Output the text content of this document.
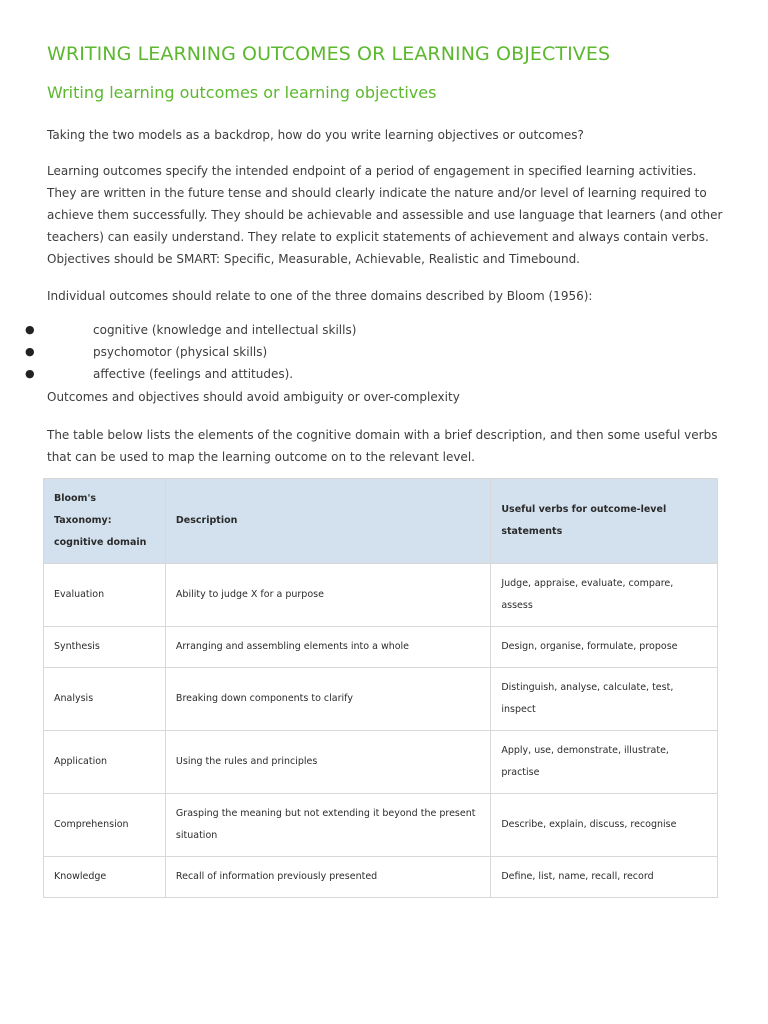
WRITING LEARNING OUTCOMES OR LEARNING OBJECTIVES
Writing learning outcomes or learning objectives

Taking the two models as a backdrop, how do you write learning objectives or outcomes?

Learning outcomes specify the intended endpoint of a period of engagement in specified learning activities. They are written in the future tense and should clearly indicate the nature and/or level of learning required to achieve them successfully. They should be achievable and assessible and use language that learners (and other teachers) can easily understand. They relate to explicit statements of achievement and always contain verbs. Objectives should be SMART: Specific, Measurable, Achievable, Realistic and Timebound.

Individual outcomes should relate to one of the three domains described by Bloom (1956):

●	cognitive (knowledge and intellectual skills)
●	psychomotor (physical skills)
●	affective (feelings and attitudes).

Outcomes and objectives should avoid ambiguity or over-complexity

The table below lists the elements of the cognitive domain with a brief description, and then some useful verbs that can be used to map the learning outcome on to the relevant level.

Bloom's Taxonomy: cognitive domain	Description	Useful verbs for outcome-level statements
Evaluation	Ability to judge X for a purpose	Judge, appraise, evaluate, compare, assess
Synthesis	Arranging and assembling elements into a whole	Design, organise, formulate, propose
Analysis	Breaking down components to clarify	Distinguish, analyse, calculate, test, inspect
Application	Using the rules and principles	Apply, use, demonstrate, illustrate, practise
Comprehension	Grasping the meaning but not extending it beyond the present situation	Describe, explain, discuss, recognise
Knowledge	Recall of information previously presented	Define, list, name, recall, record
